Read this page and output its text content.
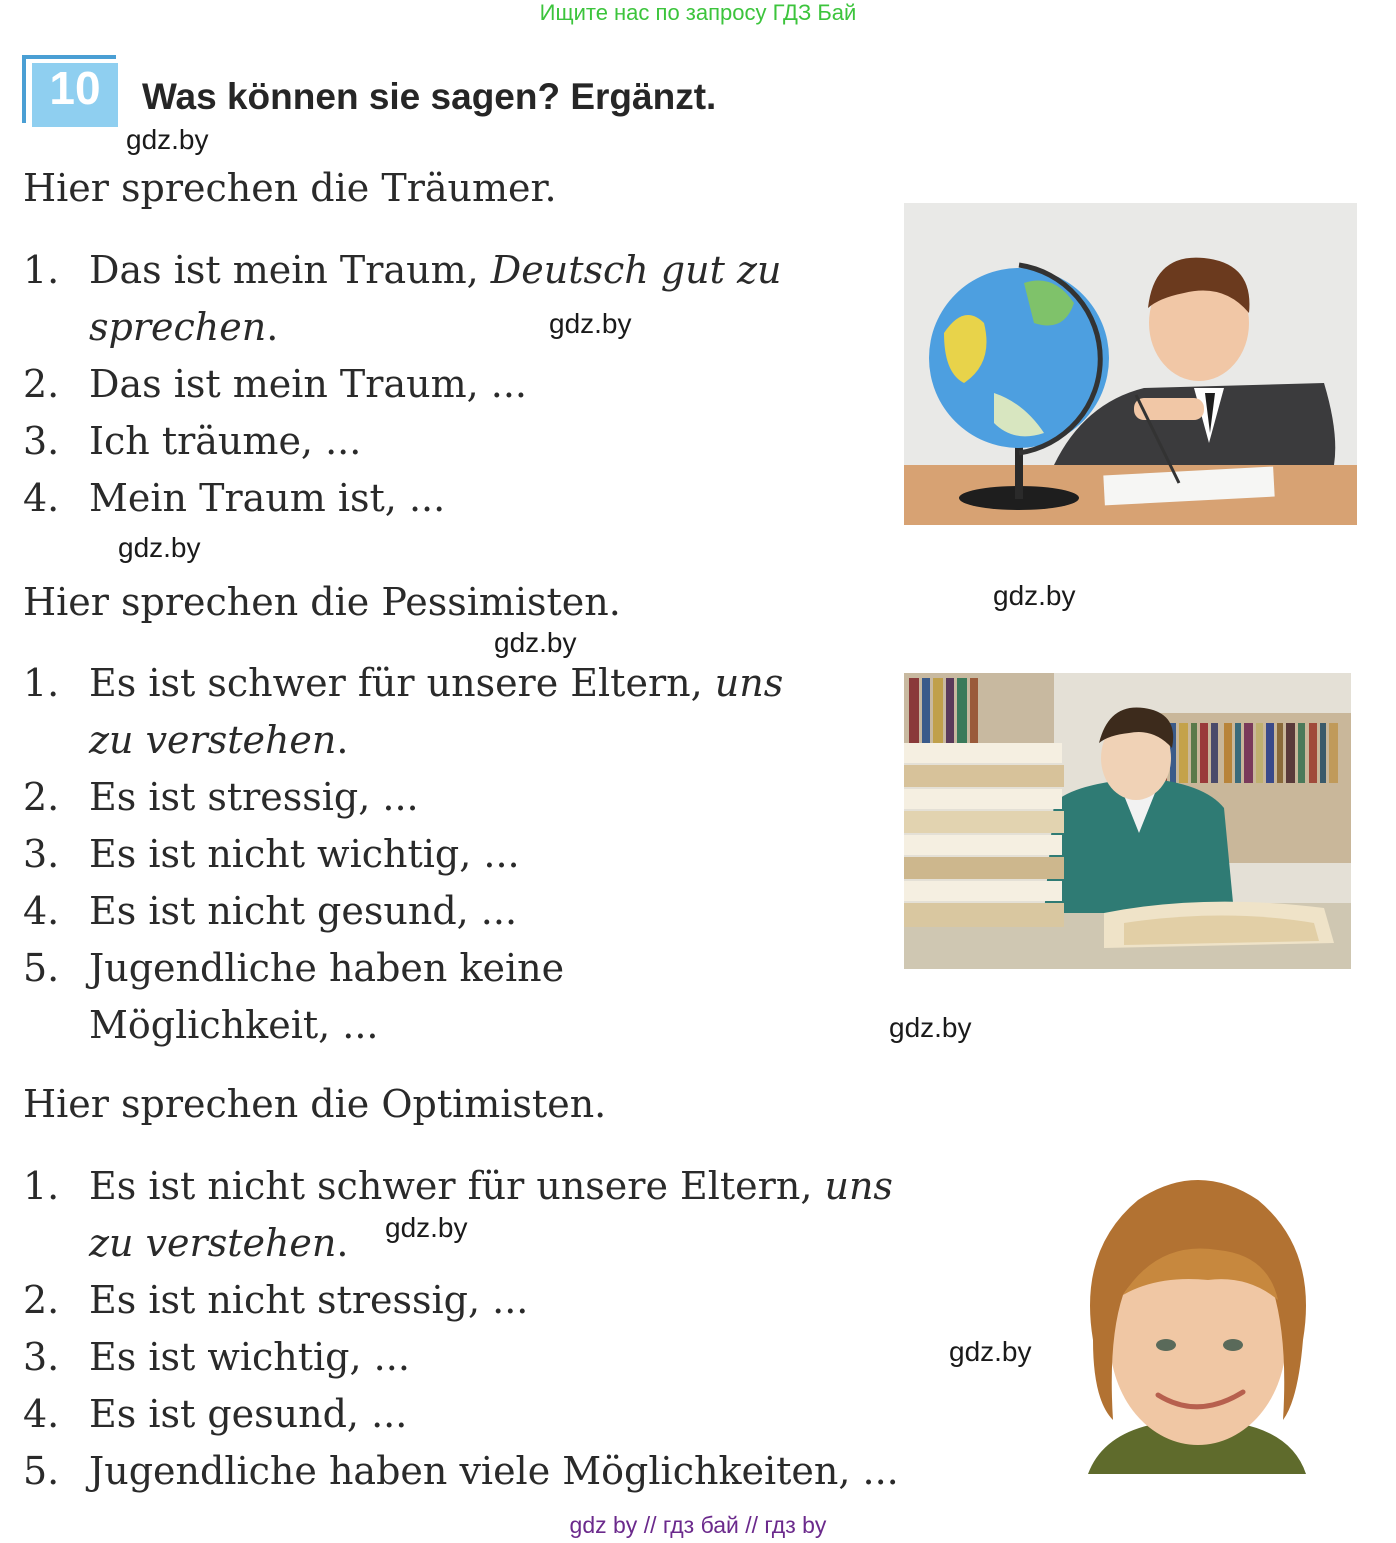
Ищите нас по запросу ГДЗ Бай
10	Was können sie sagen? Ergänzt.
gdz.by
gdz.by
gdz.by
gdz.by
gdz.by
gdz.by
gdz.by
gdz.by
Hier sprechen die Träumer.
1. Das ist mein Traum, Deutsch gut zu
sprechen.
2. Das ist mein Traum, ...
3. Ich träume, ...
4. Mein Traum ist, ...
Hier sprechen die Pessimisten.
1. Es ist schwer für unsere Eltern, uns
zu verstehen.
2. Es ist stressig, ...
3. Es ist nicht wichtig, ...
4. Es ist nicht gesund, ...
5. Jugendliche haben keine
Möglichkeit, ...
Hier sprechen die Optimisten.
1. Es ist nicht schwer für unsere Eltern, uns
zu verstehen.
2. Es ist nicht stressig, ...
3. Es ist wichtig, ...
4. Es ist gesund, ...
5. Jugendliche haben viele Möglichkeiten, ...
gdz by // гдз бай // гдз by
